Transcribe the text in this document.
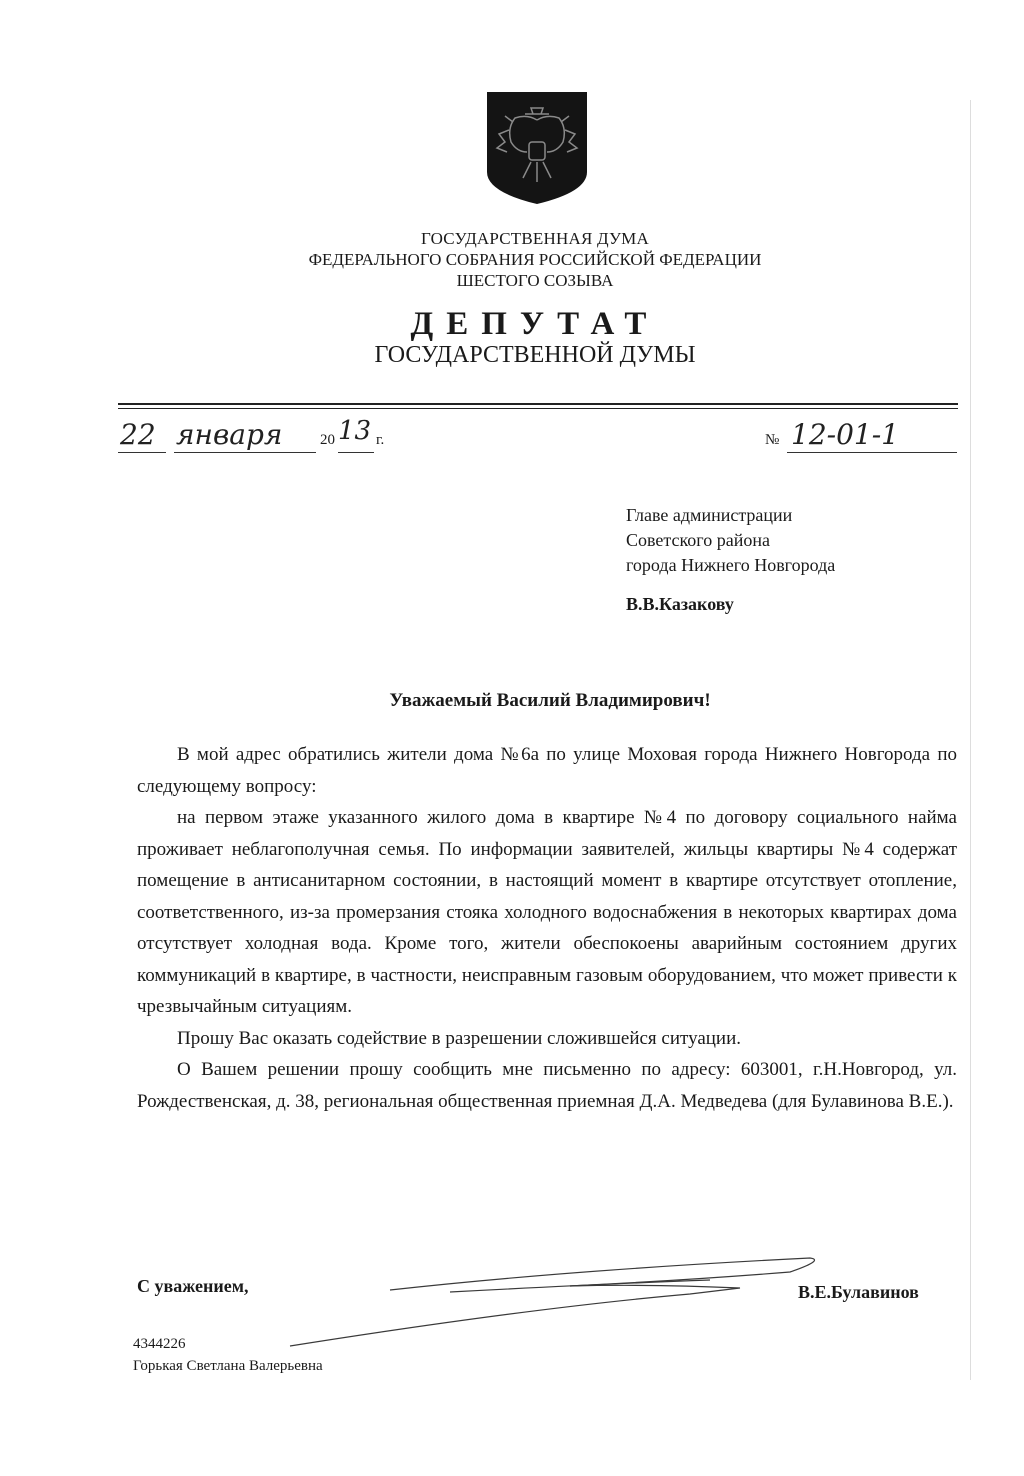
ГОСУДАРСТВЕННАЯ ДУМА
ФЕДЕРАЛЬНОГО СОБРАНИЯ РОССИЙСКОЙ ФЕДЕРАЦИИ
ШЕСТОГО СОЗЫВА
ДЕПУТАТ
ГОСУДАРСТВЕННОЙ ДУМЫ
22 января	20 13 г.	№ 12-01-1
Главе администрации
Советского района
города Нижнего Новгорода
В.В.Казакову
Уважаемый Василий Владимирович!

В мой адрес обратились жители дома №6а по улице Моховая города Нижнего Новгорода по следующему вопросу:

на первом этаже указанного жилого дома в квартире №4 по договору социального найма проживает неблагополучная семья. По информации заявителей, жильцы квартиры №4 содержат помещение в антисанитарном состоянии, в настоящий момент в квартире отсутствует отопление, соответственного, из-за промерзания стояка холодного водоснабжения в некоторых квартирах дома отсутствует холодная вода. Кроме того, жители обеспокоены аварийным состоянием других коммуникаций в квартире, в частности, неисправным газовым оборудованием, что может привести к чрезвычайным ситуациям.

Прошу Вас оказать содействие в разрешении сложившейся ситуации.

О Вашем решении прошу сообщить мне письменно по адресу: 603001, г.Н.Новгород, ул. Рождественская, д. 38, региональная общественная приемная Д.А. Медведева (для Булавинова В.Е.).

С уважением,	В.Е.Булавинов
4344226
Горькая Светлана Валерьевна
